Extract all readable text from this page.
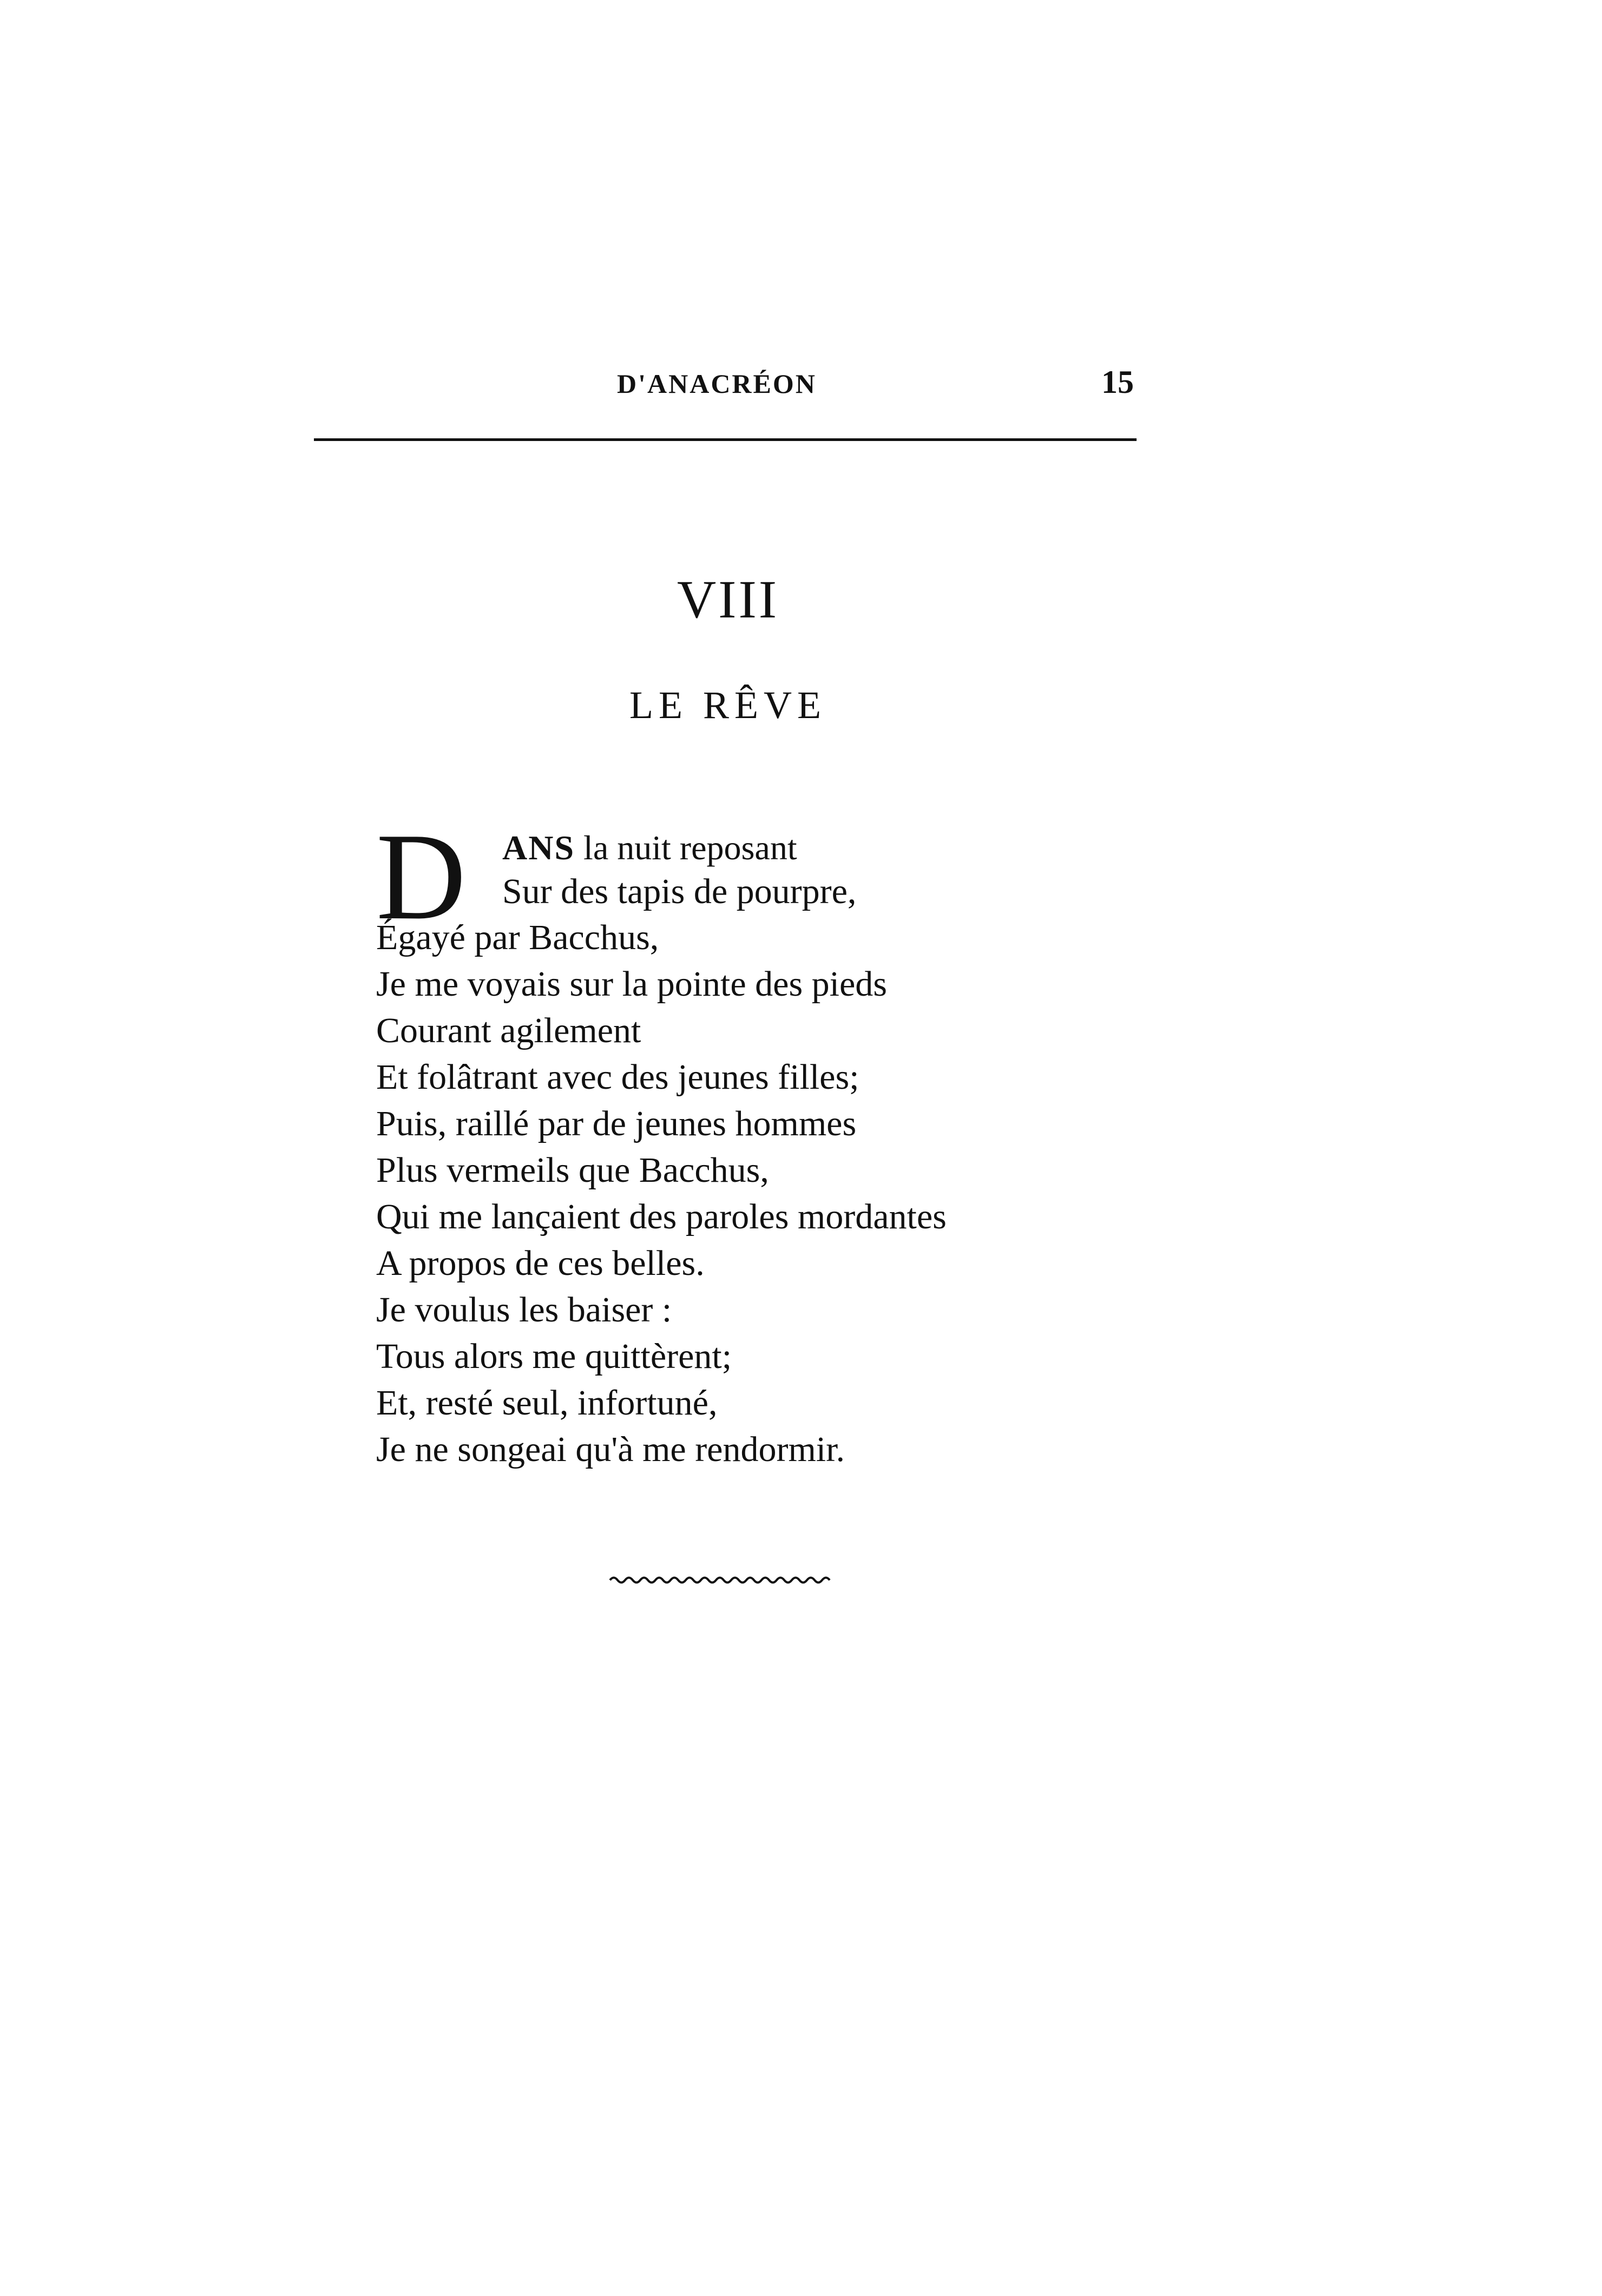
D'ANACRÉON	15
VIII
LE RÊVE
D ANS la nuit reposant
Sur des tapis de pourpre,
Égayé par Bacchus,
Je me voyais sur la pointe des pieds
Courant agilement
Et folâtrant avec des jeunes filles;
Puis, raillé par de jeunes hommes
Plus vermeils que Bacchus,
Qui me lançaient des paroles mordantes
A propos de ces belles.
Je voulus les baiser :
Tous alors me quittèrent;
Et, resté seul, infortuné,
Je ne songeai qu'à me rendormir.
